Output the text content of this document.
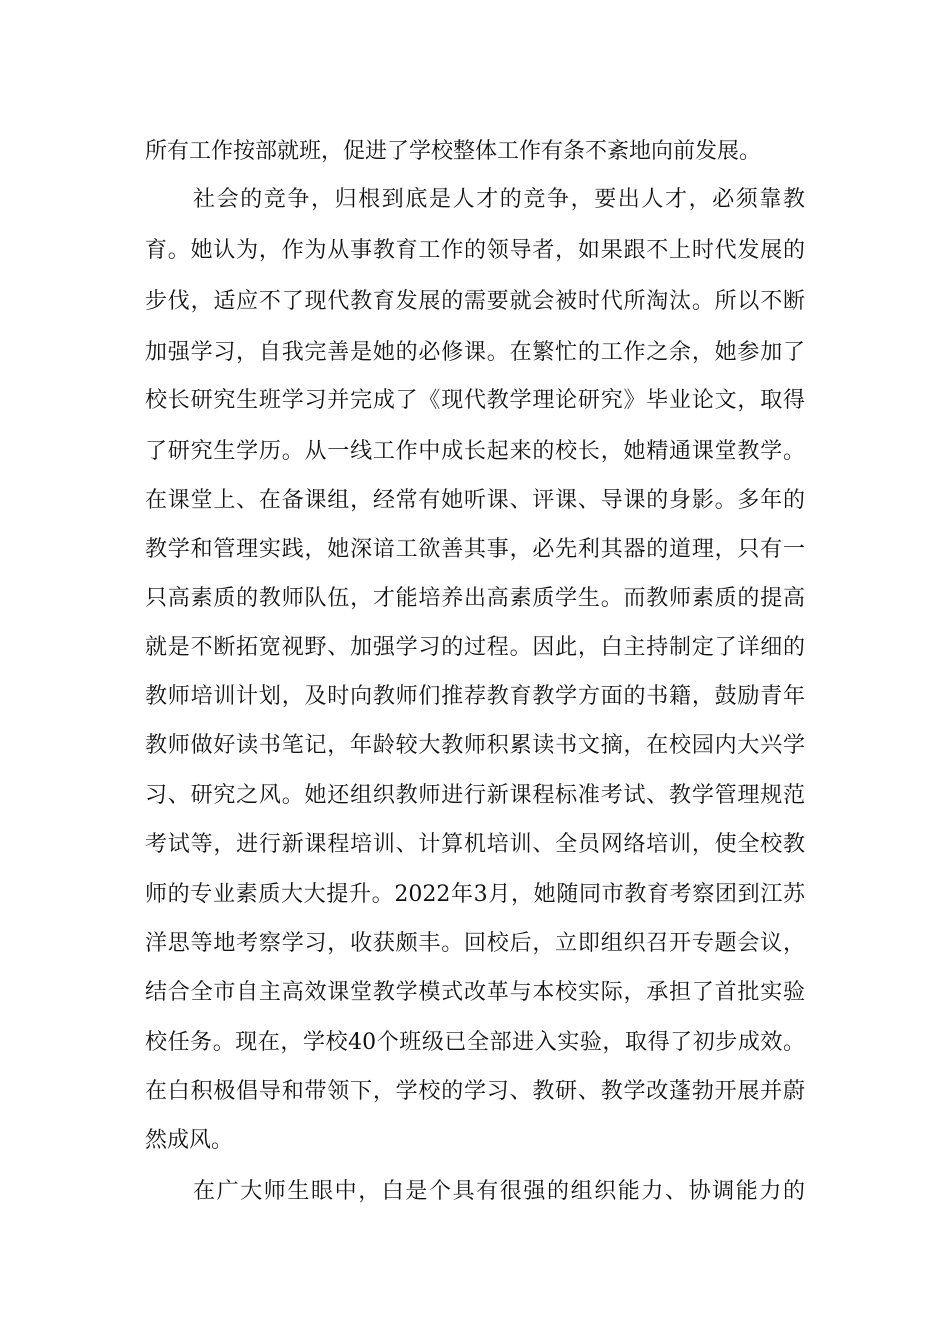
所有工作按部就班，促进了学校整体工作有条不紊地向前发展。
社会的竞争，归根到底是人才的竞争，要出人才，必须靠教
育。她认为，作为从事教育工作的领导者，如果跟不上时代发展的
步伐，适应不了现代教育发展的需要就会被时代所淘汰。所以不断
加强学习，自我完善是她的必修课。在繁忙的工作之余，她参加了
校长研究生班学习并完成了《现代教学理论研究》毕业论文，取得
了研究生学历。从一线工作中成长起来的校长，她精通课堂教学。
在课堂上、在备课组，经常有她听课、评课、导课的身影。多年的
教学和管理实践，她深谙工欲善其事，必先利其器的道理，只有一
只高素质的教师队伍，才能培养出高素质学生。而教师素质的提高
就是不断拓宽视野、加强学习的过程。因此，白主持制定了详细的
教师培训计划，及时向教师们推荐教育教学方面的书籍，鼓励青年
教师做好读书笔记，年龄较大教师积累读书文摘，在校园内大兴学
习、研究之风。她还组织教师进行新课程标准考试、教学管理规范
考试等，进行新课程培训、计算机培训、全员网络培训，使全校教
师的专业素质大大提升。2022年3月，她随同市教育考察团到江苏
洋思等地考察学习，收获颇丰。回校后，立即组织召开专题会议，
结合全市自主高效课堂教学模式改革与本校实际，承担了首批实验
校任务。现在，学校40个班级已全部进入实验，取得了初步成效。
在白积极倡导和带领下，学校的学习、教研、教学改蓬勃开展并蔚
然成风。
在广大师生眼中，白是个具有很强的组织能力、协调能力的
